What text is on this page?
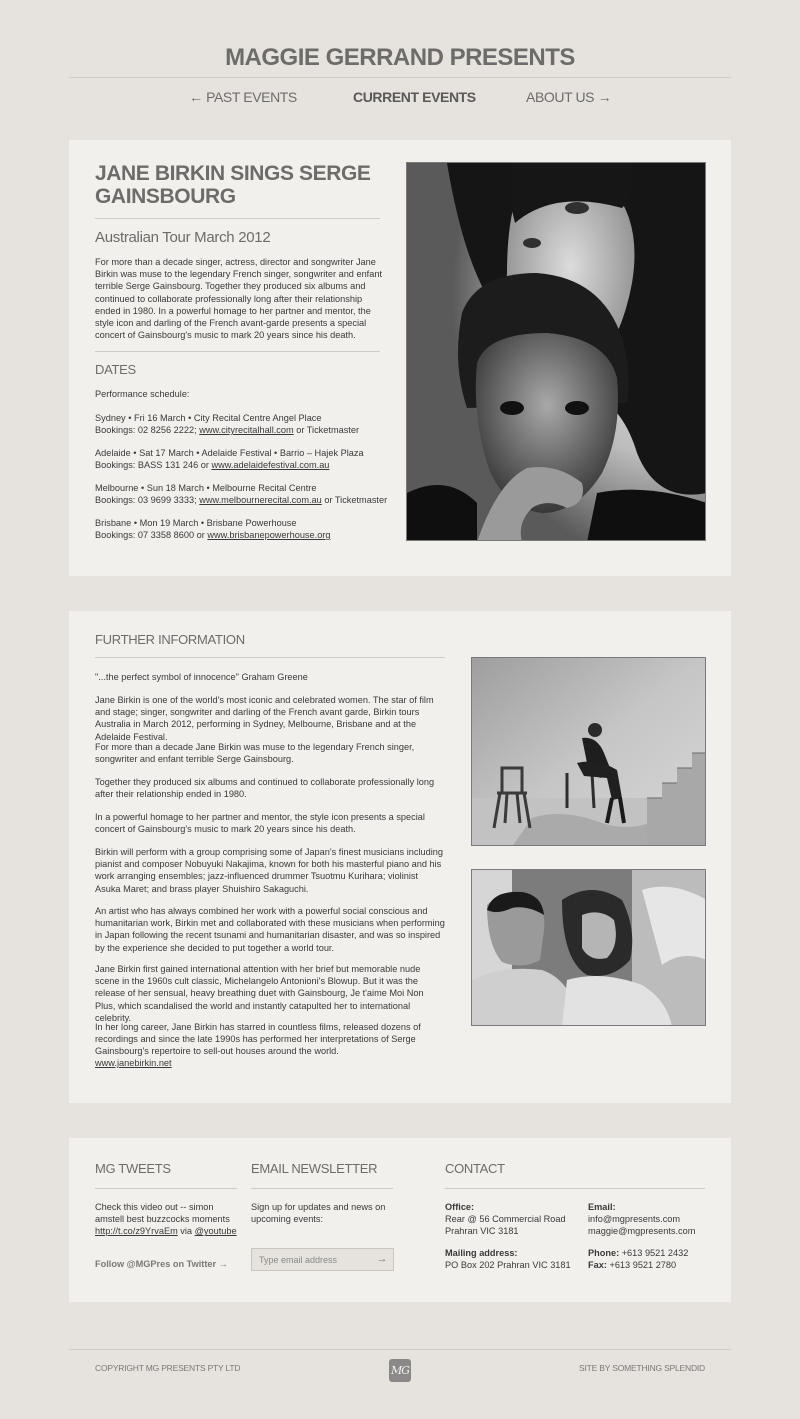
MAGGIE GERRAND PRESENTS
← PAST EVENTS	CURRENT EVENTS	ABOUT US →
JANE BIRKIN SINGS SERGE GAINSBOURG
Australian Tour March 2012
For more than a decade singer, actress, director and songwriter Jane Birkin was muse to the legendary French singer, songwriter and enfant terrible Serge Gainsbourg. Together they produced six albums and continued to collaborate professionally long after their relationship ended in 1980. In a powerful homage to her partner and mentor, the style icon and darling of the French avant-garde presents a special concert of Gainsbourg's music to mark 20 years since his death.
DATES
Performance schedule:
Sydney • Fri 16 March • City Recital Centre Angel Place
Bookings: 02 8256 2222; www.cityrecitalhall.com or Ticketmaster
Adelaide • Sat 17 March • Adelaide Festival • Barrio – Hajek Plaza
Bookings: BASS 131 246 or www.adelaidefestival.com.au
Melbourne • Sun 18 March • Melbourne Recital Centre
Bookings: 03 9699 3333; www.melbournerecital.com.au or Ticketmaster
Brisbane • Mon 19 March • Brisbane Powerhouse
Bookings: 07 3358 8600 or www.brisbanepowerhouse.org
FURTHER INFORMATION
"...the perfect symbol of innocence" Graham Greene
Jane Birkin is one of the world's most iconic and celebrated women. The star of film and stage; singer, songwriter and darling of the French avant garde, Birkin tours Australia in March 2012, performing in Sydney, Melbourne, Brisbane and at the Adelaide Festival.
For more than a decade Jane Birkin was muse to the legendary French singer, songwriter and enfant terrible Serge Gainsbourg.
Together they produced six albums and continued to collaborate professionally long after their relationship ended in 1980.
In a powerful homage to her partner and mentor, the style icon presents a special concert of Gainsbourg's music to mark 20 years since his death.
Birkin will perform with a group comprising some of Japan's finest musicians including pianist and composer Nobuyuki Nakajima, known for both his masterful piano and his work arranging ensembles; jazz-influenced drummer Tsuotmu Kurihara; violinist Asuka Maret; and brass player Shuishiro Sakaguchi.
An artist who has always combined her work with a powerful social conscious and humanitarian work, Birkin met and collaborated with these musicians when performing in Japan following the recent tsunami and humanitarian disaster, and was so inspired by the experience she decided to put together a world tour.
Jane Birkin first gained international attention with her brief but memorable nude scene in the 1960s cult classic, Michelangelo Antonioni's Blowup. But it was the release of her sensual, heavy breathing duet with Gainsbourg, Je t'aime Moi Non Plus, which scandalised the world and instantly catapulted her to international celebrity.
In her long career, Jane Birkin has starred in countless films, released dozens of recordings and since the late 1990s has performed her interpretations of Serge Gainsbourg's repertoire to sell-out houses around the world.
www.janebirkin.net
MG TWEETS
Check this video out -- simon amstell best buzzcocks moments
http://t.co/z9YrvaEm via @youtube
Follow @MGPres on Twitter →
EMAIL NEWSLETTER
Sign up for updates and news on upcoming events:
Type email address
→
CONTACT
Office:
Rear @ 56 Commercial Road
Prahran VIC 3181
Mailing address:
PO Box 202 Prahran VIC 3181
Email:
info@mgpresents.com
maggie@mgpresents.com
Phone: +613 9521 2432
Fax: +613 9521 2780
COPYRIGHT MG PRESENTS PTY LTD	MG	SITE BY SOMETHING SPLENDID
